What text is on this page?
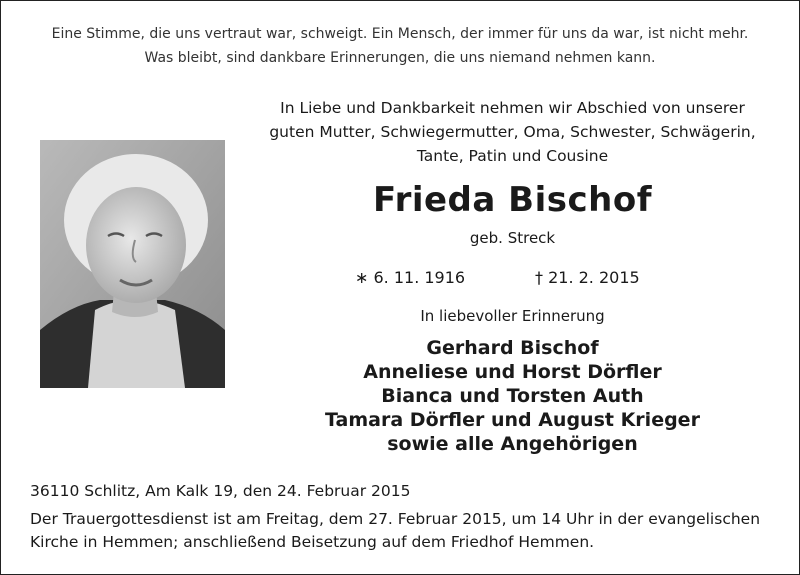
Eine Stimme, die uns vertraut war, schweigt. Ein Mensch, der immer für uns da war, ist nicht mehr.
Was bleibt, sind dankbare Erinnerungen, die uns niemand nehmen kann.
In Liebe und Dankbarkeit nehmen wir Abschied von unserer
guten Mutter, Schwiegermutter, Oma, Schwester, Schwägerin,
Tante, Patin und Cousine
Frieda Bischof
geb. Streck
∗ 6. 11. 1916	† 21. 2. 2015
In liebevoller Erinnerung
Gerhard Bischof
Anneliese und Horst Dörfler
Bianca und Torsten Auth
Tamara Dörfler und August Krieger
sowie alle Angehörigen
36110 Schlitz, Am Kalk 19, den 24. Februar 2015
Der Trauergottesdienst ist am Freitag, dem 27. Februar 2015, um 14 Uhr in der evangelischen
Kirche in Hemmen; anschließend Beisetzung auf dem Friedhof Hemmen.
